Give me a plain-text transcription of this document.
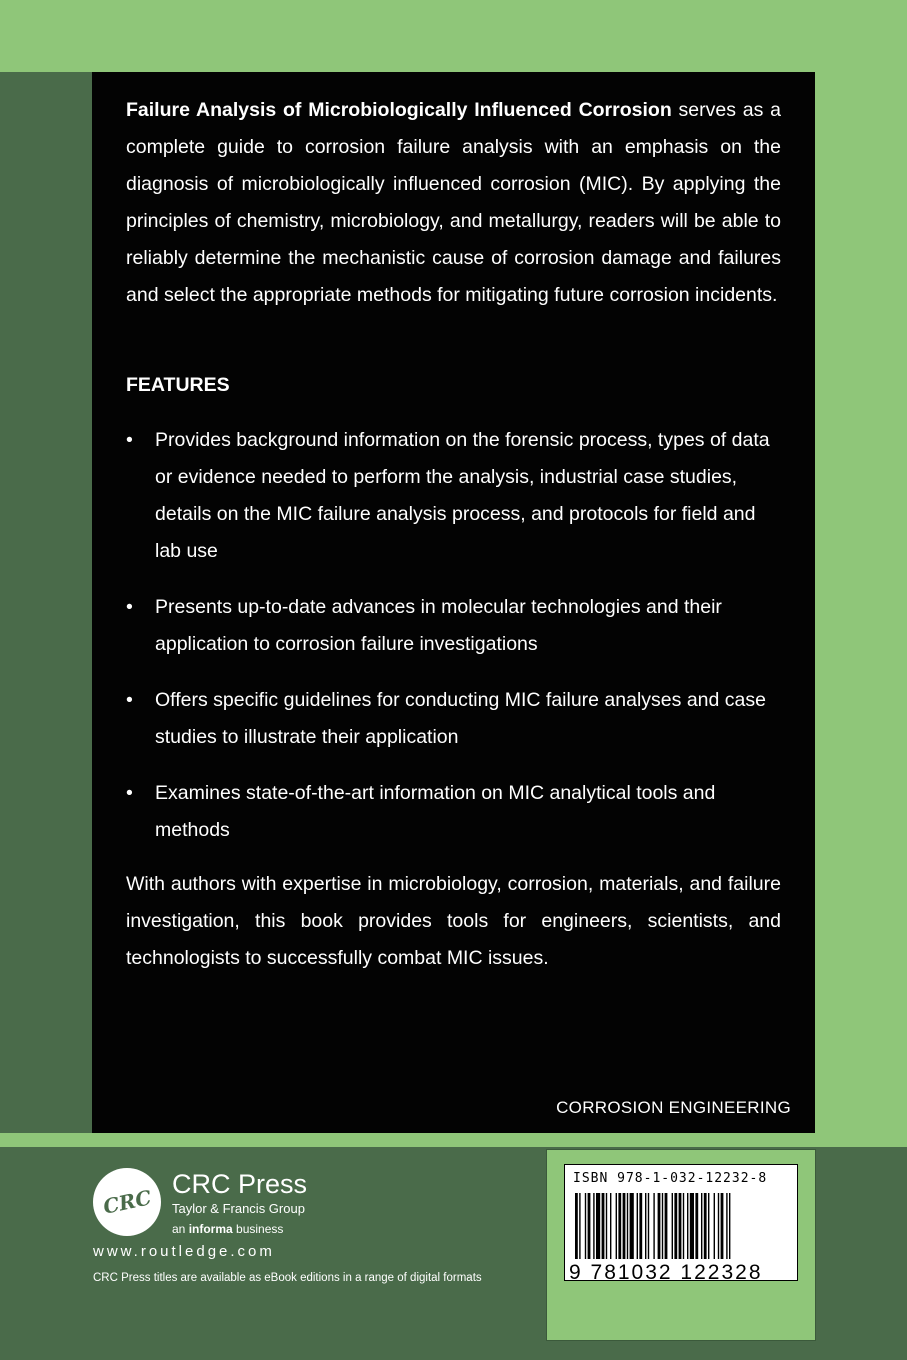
Failure Analysis of Microbiologically Influenced Corrosion serves as a complete guide to corrosion failure analysis with an emphasis on the diagnosis of microbiologically influenced corrosion (MIC). By applying the principles of chemistry, microbiology, and metallurgy, readers will be able to reliably determine the mechanistic cause of corrosion damage and failures and select the appropriate methods for mitigating future corrosion incidents.

FEATURES
• Provides background information on the forensic process, types of data or evidence needed to perform the analysis, industrial case studies, details on the MIC failure analysis process, and protocols for field and lab use
• Presents up-to-date advances in molecular technologies and their application to corrosion failure investigations
• Offers specific guidelines for conducting MIC failure analyses and case studies to illustrate their application
• Examines state-of-the-art information on MIC analytical tools and methods

With authors with expertise in microbiology, corrosion, materials, and failure investigation, this book provides tools for engineers, scientists, and technologists to successfully combat MIC issues.

CORROSION ENGINEERING
CRC
CRC Press
Taylor & Francis Group
an informa business
www.routledge.com
CRC Press titles are available as eBook editions in a range of digital formats
ISBN 978-1-032-12232-8
9 781032 122328
